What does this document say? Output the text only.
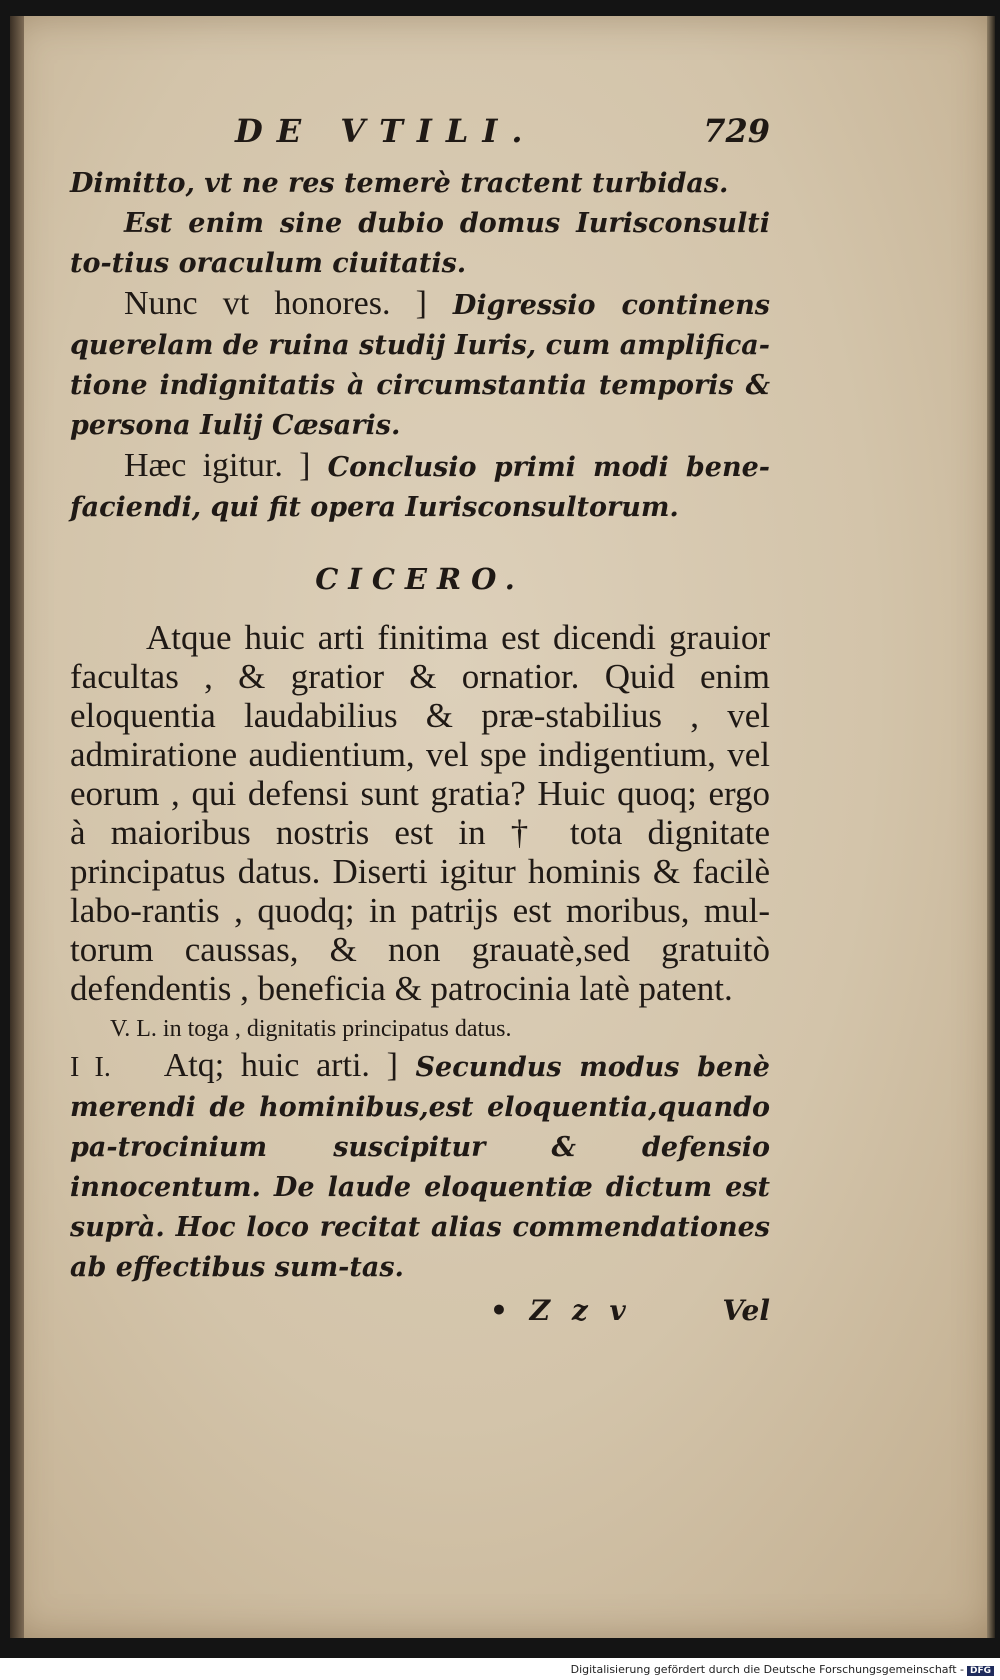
DE VTILI.	729

Dimitto, vt ne res temerè tractent turbidas.

Est enim sine dubio domus Iurisconsulti to-tius oraculum ciuitatis.

Nunc vt honores. ] Digressio continens querelam de ruina studij Iuris, cum amplifica-tione indignitatis à circumstantia temporis & persona Iulij Cæsaris.

Hæc igitur. ] Conclusio primi modi bene-faciendi, qui fit opera Iurisconsultorum.

CICERO.

Atque huic arti finitima est dicendi grauior facultas , & gratior & ornatior. Quid enim eloquentia laudabilius & præ-stabilius , vel admiratione audientium, vel spe indigentium, vel eorum , qui defensi sunt gratia? Huic quoq; ergo à maioribus nostris est in † tota dignitate principatus datus. Diserti igitur hominis & facilè labo-rantis , quodq; in patrijs est moribus, mul-torum caussas, & non grauatè,sed gratuitò defendentis , beneficia & patrocinia latè patent.

V. L. in toga , dignitatis principatus datus.

I I. Atq; huic arti. ] Secundus modus benè merendi de hominibus,est eloquentia,quando pa-trocinium suscipitur & defensio innocentum. De laude eloquentiæ dictum est suprà. Hoc loco recitat alias commendationes ab effectibus sum-tas.

• Z z v	Vel
Digitalisierung gefördert durch die Deutsche Forschungsgemeinschaft - DFG
